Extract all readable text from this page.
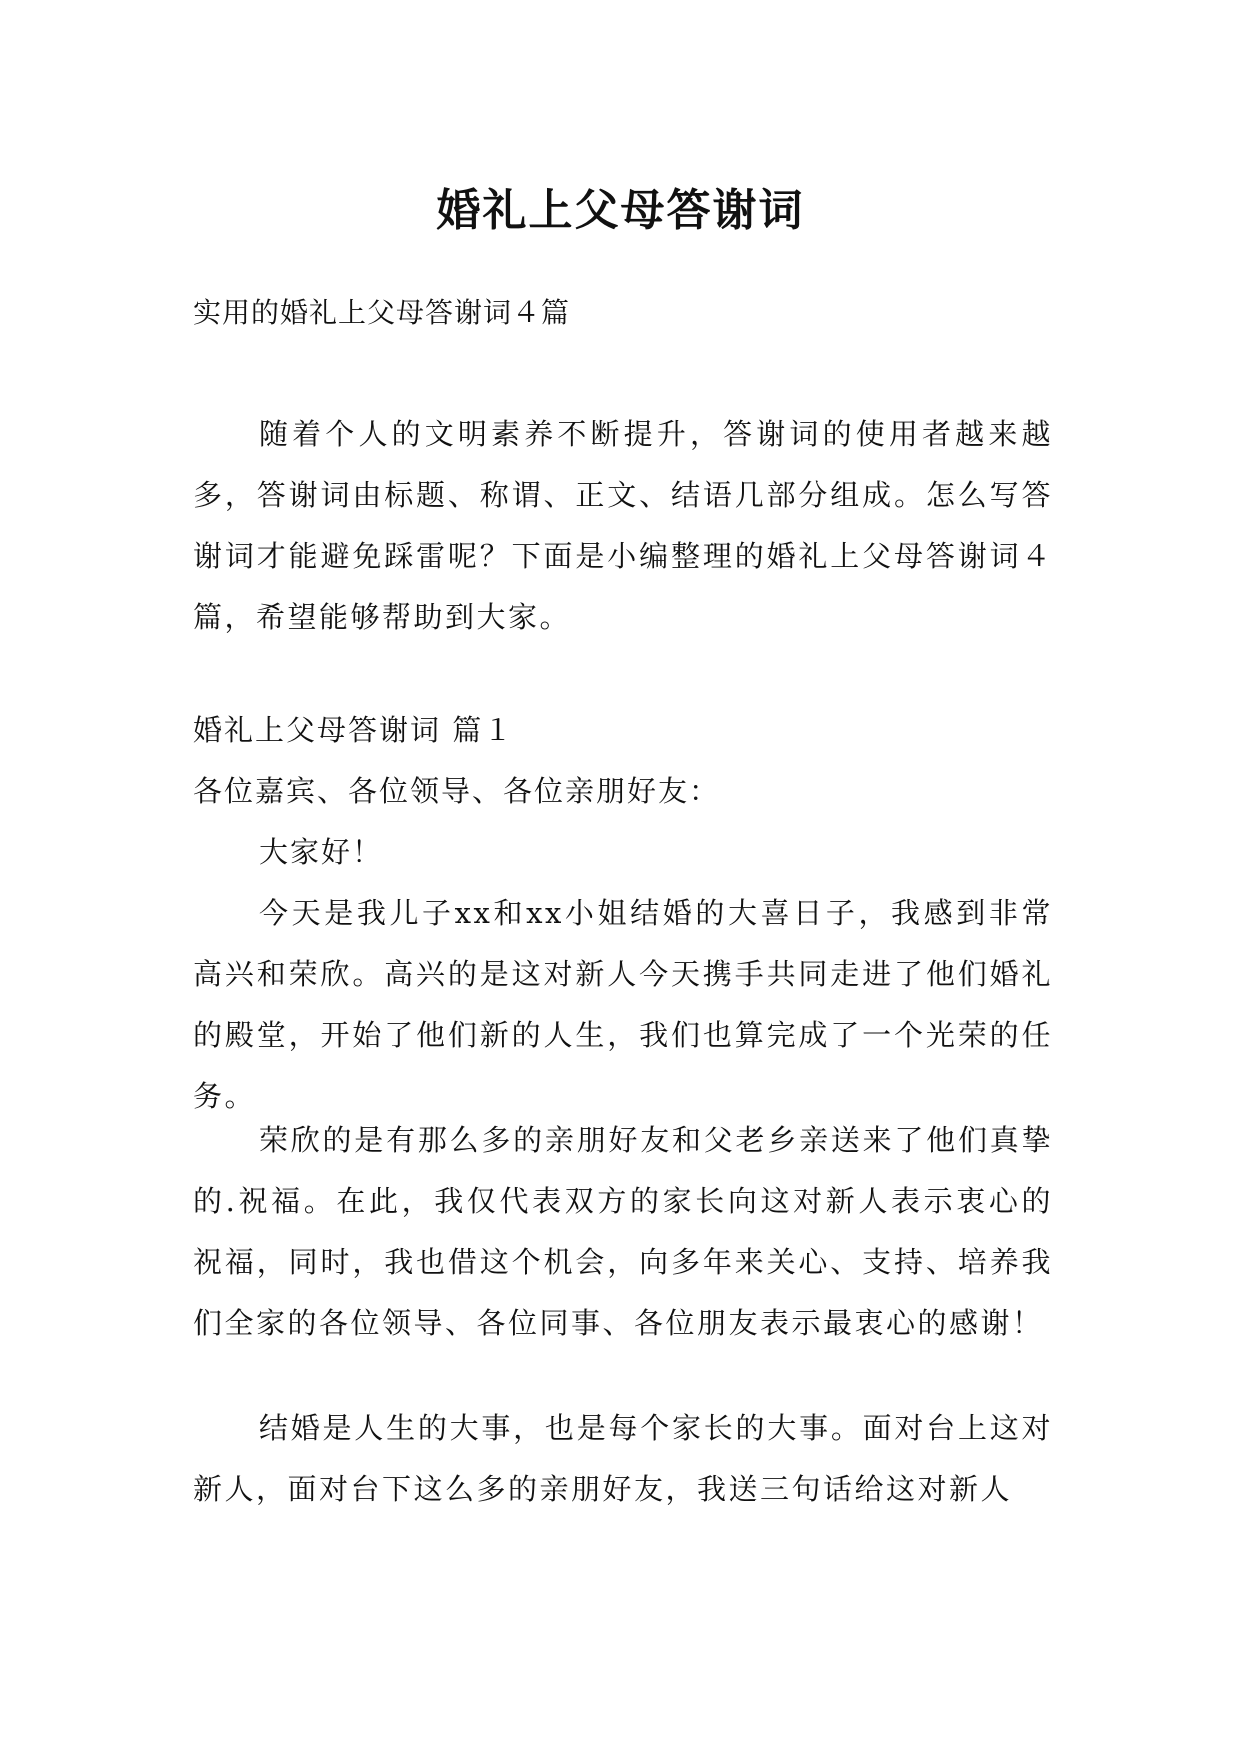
婚礼上父母答谢词
实用的婚礼上父母答谢词４篇

随着个人的文明素养不断提升，答谢词的使用者越来越多，答谢词由标题、称谓、正文、结语几部分组成。怎么写答谢词才能避免踩雷呢？下面是小编整理的婚礼上父母答谢词４篇，希望能够帮助到大家。

婚礼上父母答谢词 篇１

各位嘉宾、各位领导、各位亲朋好友：

大家好！

今天是我儿子xx和xx小姐结婚的大喜日子，我感到非常高兴和荣欣。高兴的是这对新人今天携手共同走进了他们婚礼的殿堂，开始了他们新的人生，我们也算完成了一个光荣的任务。

荣欣的是有那么多的亲朋好友和父老乡亲送来了他们真挚的.祝福。在此，我仅代表双方的家长向这对新人表示衷心的祝福，同时，我也借这个机会，向多年来关心、支持、培养我们全家的各位领导、各位同事、各位朋友表示最衷心的感谢！

结婚是人生的大事，也是每个家长的大事。面对台上这对新人，面对台下这么多的亲朋好友，我送三句话给这对新人
